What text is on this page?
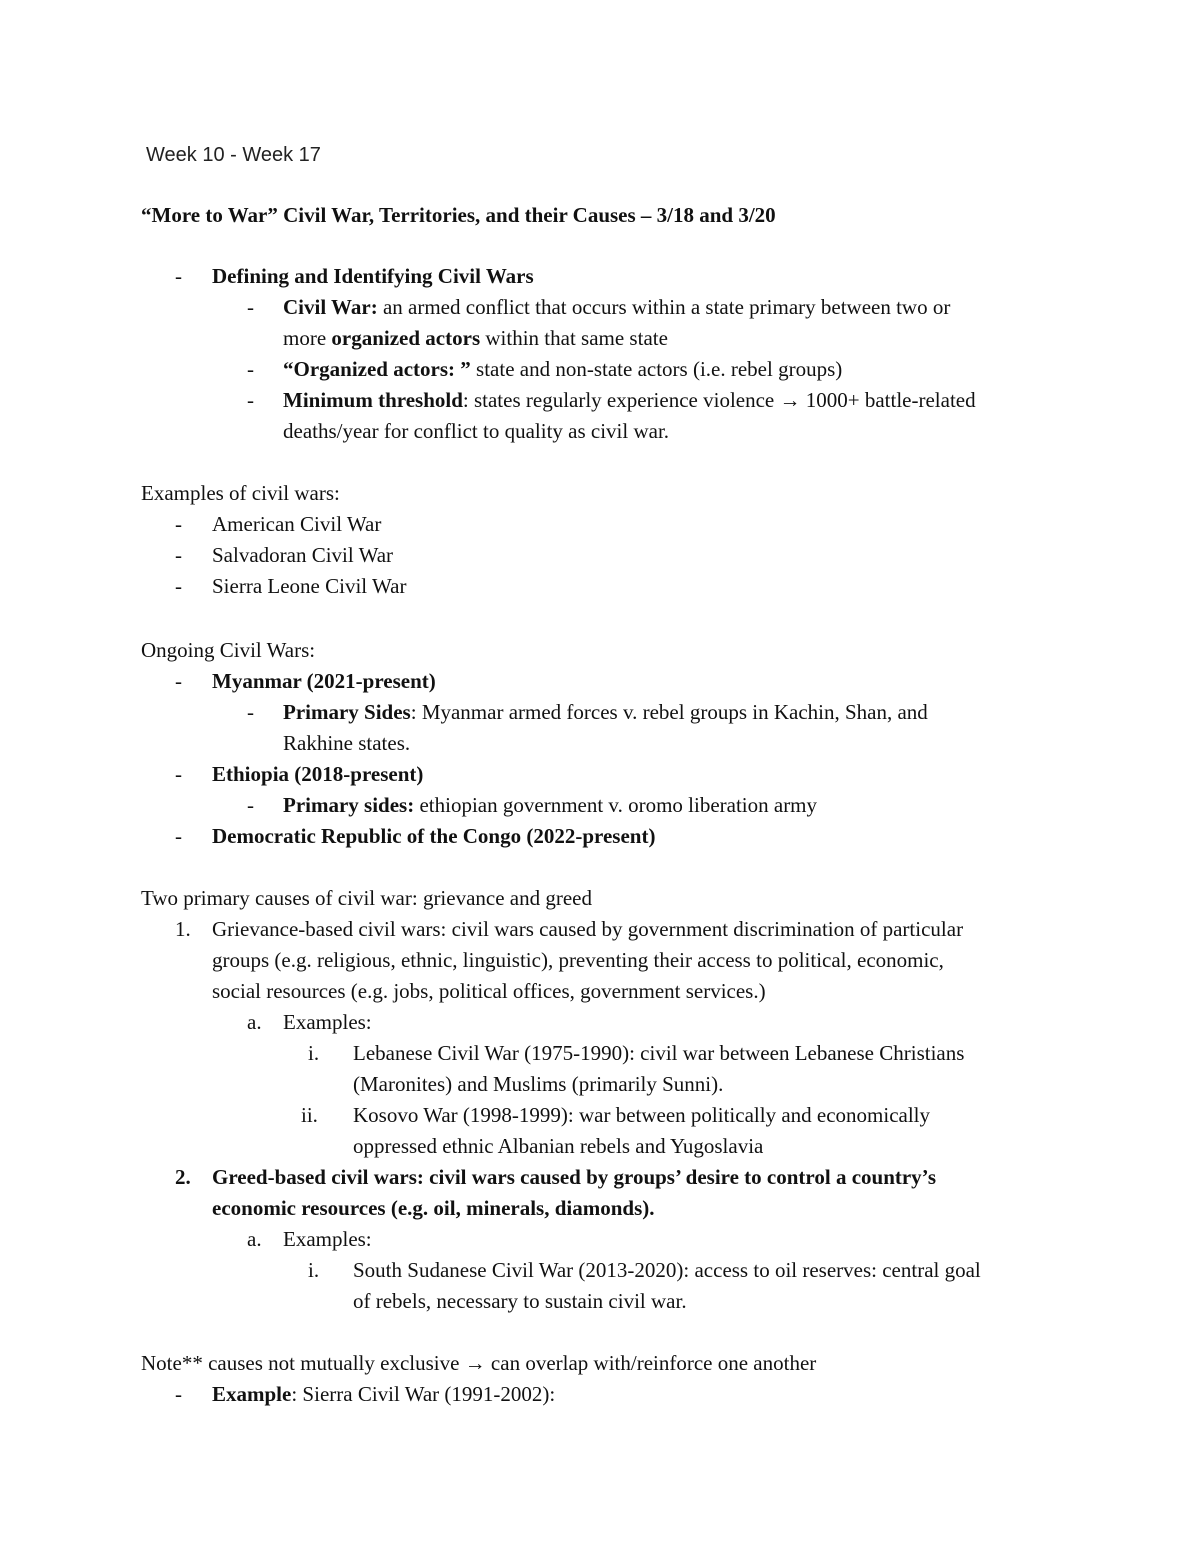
Week 10 - Week 17
“More to War” Civil War, Territories, and their Causes – 3/18 and 3/20
- Defining and Identifying Civil Wars
- Civil War: an armed conflict that occurs within a state primary between two or
more organized actors within that same state
- “Organized actors: ” state and non-state actors (i.e. rebel groups)
- Minimum threshold: states regularly experience violence → 1000+ battle-related
deaths/year for conflict to quality as civil war.
Examples of civil wars:
- American Civil War
- Salvadoran Civil War
- Sierra Leone Civil War
Ongoing Civil Wars:
- Myanmar (2021-present)
- Primary Sides: Myanmar armed forces v. rebel groups in Kachin, Shan, and
Rakhine states.
- Ethiopia (2018-present)
- Primary sides: ethiopian government v. oromo liberation army
- Democratic Republic of the Congo (2022-present)
Two primary causes of civil war: grievance and greed
1. Grievance-based civil wars: civil wars caused by government discrimination of particular
groups (e.g. religious, ethnic, linguistic), preventing their access to political, economic,
social resources (e.g. jobs, political offices, government services.)
a. Examples:
i. Lebanese Civil War (1975-1990): civil war between Lebanese Christians
(Maronites) and Muslims (primarily Sunni).
ii. Kosovo War (1998-1999): war between politically and economically
oppressed ethnic Albanian rebels and Yugoslavia
2. Greed-based civil wars: civil wars caused by groups’ desire to control a country’s
economic resources (e.g. oil, minerals, diamonds).
a. Examples:
i. South Sudanese Civil War (2013-2020): access to oil reserves: central goal
of rebels, necessary to sustain civil war.
Note** causes not mutually exclusive → can overlap with/reinforce one another
- Example: Sierra Civil War (1991-2002):
